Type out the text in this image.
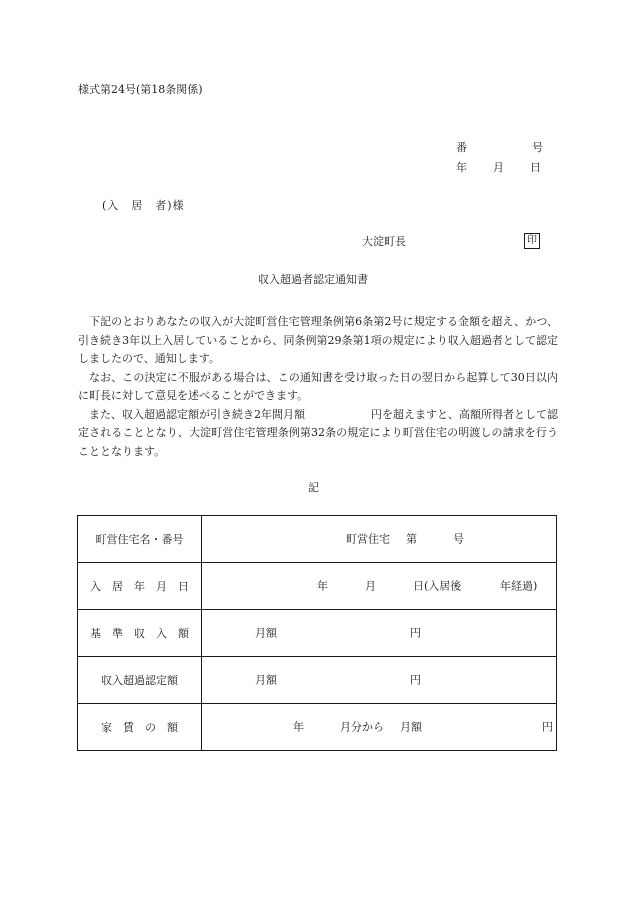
様式第24号(第18条関係)
番	号
年 月 日
(入　居　者)様
大淀町長	印
収入超過者認定通知書

下記のとおりあなたの収入が大淀町営住宅管理条例第6条第2号に規定する金額を超え、かつ、引き続き3年以上入居していることから、同条例第29条第1項の規定により収入超過者として認定しましたので、通知します。

なお、この決定に不服がある場合は、この通知書を受け取った日の翌日から起算して30日以内に町長に対して意見を述べることができます。

また、収入超過認定額が引き続き2年間月額　　　　　　円を超えますと、高額所得者として認定されることとなり、大淀町営住宅管理条例第32条の規定により町営住宅の明渡しの請求を行うこととなります。

記
町営住宅名・番号	町営住宅 第 号

入　居　年　月　日	年 月 日(入居後 年経過)

基　準　収　入　額	月額 円

収入超過認定額	月額 円

家　賃　の　額	年 月分から 月額 円
